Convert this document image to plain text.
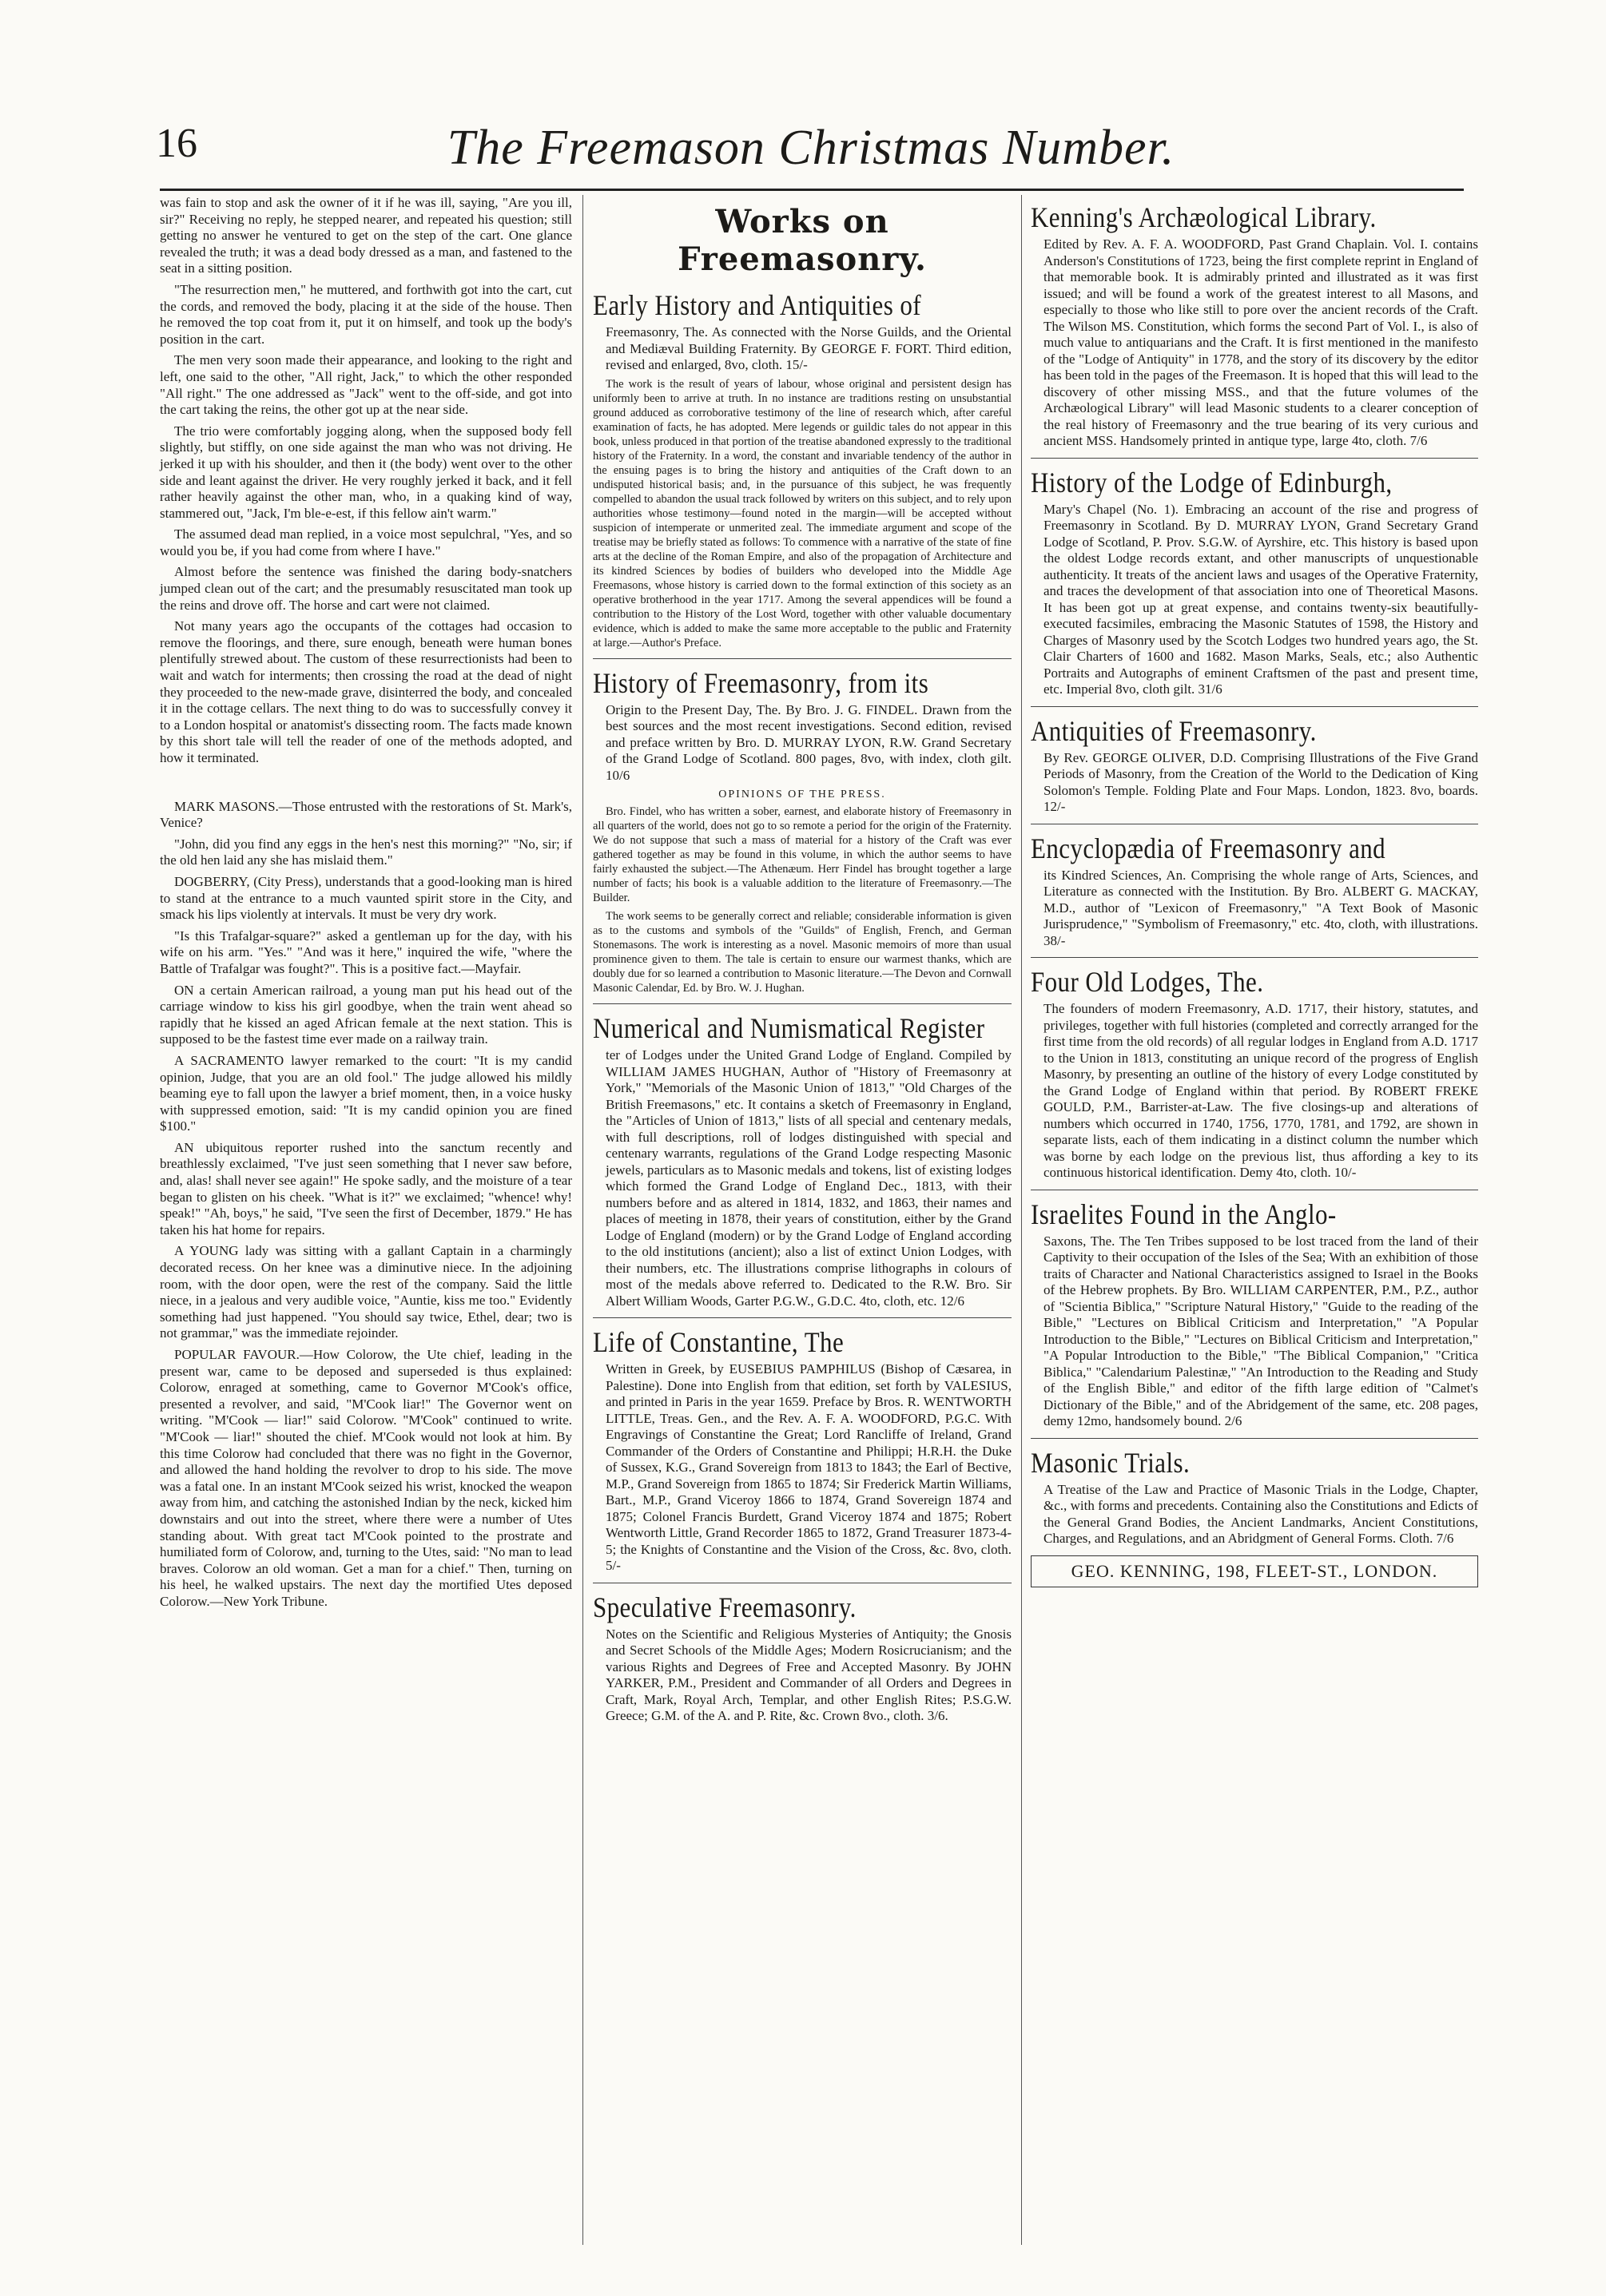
16	The Freemason Christmas Number.

was fain to stop and ask the owner of it if he was ill, saying, "Are you ill, sir?" Receiving no reply, he stepped nearer, and repeated his question; still getting no answer he ventured to get on the step of the cart. One glance revealed the truth; it was a dead body dressed as a man, and fastened to the seat in a sitting position.

"The resurrection men," he muttered, and forthwith got into the cart, cut the cords, and removed the body, placing it at the side of the house. Then he removed the top coat from it, put it on himself, and took up the body's position in the cart.

The men very soon made their appearance, and looking to the right and left, one said to the other, "All right, Jack," to which the other responded "All right." The one addressed as "Jack" went to the off-side, and got into the cart taking the reins, the other got up at the near side.

The trio were comfortably jogging along, when the supposed body fell slightly, but stiffly, on one side against the man who was not driving. He jerked it up with his shoulder, and then it (the body) went over to the other side and leant against the driver. He very roughly jerked it back, and it fell rather heavily against the other man, who, in a quaking kind of way, stammered out, "Jack, I'm ble-e-est, if this fellow ain't warm."

The assumed dead man replied, in a voice most sepulchral, "Yes, and so would you be, if you had come from where I have."

Almost before the sentence was finished the daring body-snatchers jumped clean out of the cart; and the presumably resuscitated man took up the reins and drove off. The horse and cart were not claimed.

Not many years ago the occupants of the cottages had occasion to remove the floorings, and there, sure enough, beneath were human bones plentifully strewed about. The custom of these resurrectionists had been to wait and watch for interments; then crossing the road at the dead of night they proceeded to the new-made grave, disinterred the body, and concealed it in the cottage cellars. The next thing to do was to successfully convey it to a London hospital or anatomist's dissecting room. The facts made known by this short tale will tell the reader of one of the methods adopted, and how it terminated.

MARK MASONS.—Those entrusted with the restorations of St. Mark's, Venice?

"John, did you find any eggs in the hen's nest this morning?" "No, sir; if the old hen laid any she has mislaid them."

DOGBERRY, (City Press), understands that a good-looking man is hired to stand at the entrance to a much vaunted spirit store in the City, and smack his lips violently at intervals. It must be very dry work.

"Is this Trafalgar-square?" asked a gentleman up for the day, with his wife on his arm. "Yes." "And was it here," inquired the wife, "where the Battle of Trafalgar was fought?". This is a positive fact.—Mayfair.

ON a certain American railroad, a young man put his head out of the carriage window to kiss his girl goodbye, when the train went ahead so rapidly that he kissed an aged African female at the next station. This is supposed to be the fastest time ever made on a railway train.

A SACRAMENTO lawyer remarked to the court: "It is my candid opinion, Judge, that you are an old fool." The judge allowed his mildly beaming eye to fall upon the lawyer a brief moment, then, in a voice husky with suppressed emotion, said: "It is my candid opinion you are fined $100."

AN ubiquitous reporter rushed into the sanctum recently and breathlessly exclaimed, "I've just seen something that I never saw before, and, alas! shall never see again!" He spoke sadly, and the moisture of a tear began to glisten on his cheek. "What is it?" we exclaimed; "whence! why! speak!" "Ah, boys," he said, "I've seen the first of December, 1879." He has taken his hat home for repairs.

A YOUNG lady was sitting with a gallant Captain in a charmingly decorated recess. On her knee was a diminutive niece. In the adjoining room, with the door open, were the rest of the company. Said the little niece, in a jealous and very audible voice, "Auntie, kiss me too." Evidently something had just happened. "You should say twice, Ethel, dear; two is not grammar," was the immediate rejoinder.

POPULAR FAVOUR.—How Colorow, the Ute chief, leading in the present war, came to be deposed and superseded is thus explained: Colorow, enraged at something, came to Governor M'Cook's office, presented a revolver, and said, "M'Cook liar!" The Governor went on writing. "M'Cook — liar!" said Colorow. "M'Cook" continued to write. "M'Cook — liar!" shouted the chief. M'Cook would not look at him. By this time Colorow had concluded that there was no fight in the Governor, and allowed the hand holding the revolver to drop to his side. The move was a fatal one. In an instant M'Cook seized his wrist, knocked the weapon away from him, and catching the astonished Indian by the neck, kicked him downstairs and out into the street, where there were a number of Utes standing about. With great tact M'Cook pointed to the prostrate and humiliated form of Colorow, and, turning to the Utes, said: "No man to lead braves. Colorow an old woman. Get a man for a chief." Then, turning on his heel, he walked upstairs. The next day the mortified Utes deposed Colorow.—New York Tribune.

Works on Freemasonry.
Early History and Antiquities of

Freemasonry, The. As connected with the Norse Guilds, and the Oriental and Mediæval Building Fraternity. By GEORGE F. FORT. Third edition, revised and enlarged, 8vo, cloth. 15/-

The work is the result of years of labour, whose original and persistent design has uniformly been to arrive at truth. In no instance are traditions resting on unsubstantial ground adduced as corroborative testimony of the line of research which, after careful examination of facts, he has adopted. Mere legends or guildic tales do not appear in this book, unless produced in that portion of the treatise abandoned expressly to the traditional history of the Fraternity. In a word, the constant and invariable tendency of the author in the ensuing pages is to bring the history and antiquities of the Craft down to an undisputed historical basis; and, in the pursuance of this subject, he was frequently compelled to abandon the usual track followed by writers on this subject, and to rely upon authorities whose testimony—found noted in the margin—will be accepted without suspicion of intemperate or unmerited zeal. The immediate argument and scope of the treatise may be briefly stated as follows: To commence with a narrative of the state of fine arts at the decline of the Roman Empire, and also of the propagation of Architecture and its kindred Sciences by bodies of builders who developed into the Middle Age Freemasons, whose history is carried down to the formal extinction of this society as an operative brotherhood in the year 1717. Among the several appendices will be found a contribution to the History of the Lost Word, together with other valuable documentary evidence, which is added to make the same more acceptable to the public and Fraternity at large.—Author's Preface.

History of Freemasonry, from its

Origin to the Present Day, The. By Bro. J. G. FINDEL. Drawn from the best sources and the most recent investigations. Second edition, revised and preface written by Bro. D. MURRAY LYON, R.W. Grand Secretary of the Grand Lodge of Scotland. 800 pages, 8vo, with index, cloth gilt. 10/6

OPINIONS OF THE PRESS.

Bro. Findel, who has written a sober, earnest, and elaborate history of Freemasonry in all quarters of the world, does not go to so remote a period for the origin of the Fraternity. We do not suppose that such a mass of material for a history of the Craft was ever gathered together as may be found in this volume, in which the author seems to have fairly exhausted the subject.—The Athenæum. Herr Findel has brought together a large number of facts; his book is a valuable addition to the literature of Freemasonry.—The Builder.

The work seems to be generally correct and reliable; considerable information is given as to the customs and symbols of the "Guilds" of English, French, and German Stonemasons. The work is interesting as a novel. Masonic memoirs of more than usual prominence given to them. The tale is certain to ensure our warmest thanks, which are doubly due for so learned a contribution to Masonic literature.—The Devon and Cornwall Masonic Calendar, Ed. by Bro. W. J. Hughan.

Numerical and Numismatical Register

ter of Lodges under the United Grand Lodge of England. Compiled by WILLIAM JAMES HUGHAN, Author of "History of Freemasonry at York," "Memorials of the Masonic Union of 1813," "Old Charges of the British Freemasons," etc. It contains a sketch of Freemasonry in England, the "Articles of Union of 1813," lists of all special and centenary medals, with full descriptions, roll of lodges distinguished with special and centenary warrants, regulations of the Grand Lodge respecting Masonic jewels, particulars as to Masonic medals and tokens, list of existing lodges which formed the Grand Lodge of England Dec., 1813, with their numbers before and as altered in 1814, 1832, and 1863, their names and places of meeting in 1878, their years of constitution, either by the Grand Lodge of England (modern) or by the Grand Lodge of England according to the old institutions (ancient); also a list of extinct Union Lodges, with their numbers, etc. The illustrations comprise lithographs in colours of most of the medals above referred to. Dedicated to the R.W. Bro. Sir Albert William Woods, Garter P.G.W., G.D.C. 4to, cloth, etc. 12/6

Life of Constantine, The

Written in Greek, by EUSEBIUS PAMPHILUS (Bishop of Cæsarea, in Palestine). Done into English from that edition, set forth by VALESIUS, and printed in Paris in the year 1659. Preface by Bros. R. WENTWORTH LITTLE, Treas. Gen., and the Rev. A. F. A. WOODFORD, P.G.C. With Engravings of Constantine the Great; Lord Rancliffe of Ireland, Grand Commander of the Orders of Constantine and Philippi; H.R.H. the Duke of Sussex, K.G., Grand Sovereign from 1813 to 1843; the Earl of Bective, M.P., Grand Sovereign from 1865 to 1874; Sir Frederick Martin Williams, Bart., M.P., Grand Viceroy 1866 to 1874, Grand Sovereign 1874 and 1875; Colonel Francis Burdett, Grand Viceroy 1874 and 1875; Robert Wentworth Little, Grand Recorder 1865 to 1872, Grand Treasurer 1873-4-5; the Knights of Constantine and the Vision of the Cross, &c. 8vo, cloth. 5/-

Speculative Freemasonry.

Notes on the Scientific and Religious Mysteries of Antiquity; the Gnosis and Secret Schools of the Middle Ages; Modern Rosicrucianism; and the various Rights and Degrees of Free and Accepted Masonry. By JOHN YARKER, P.M., President and Commander of all Orders and Degrees in Craft, Mark, Royal Arch, Templar, and other English Rites; P.S.G.W. Greece; G.M. of the A. and P. Rite, &c. Crown 8vo., cloth. 3/6.

Kenning's Archæological Library.

Edited by Rev. A. F. A. WOODFORD, Past Grand Chaplain. Vol. I. contains Anderson's Constitutions of 1723, being the first complete reprint in England of that memorable book. It is admirably printed and illustrated as it was first issued; and will be found a work of the greatest interest to all Masons, and especially to those who like still to pore over the ancient records of the Craft. The Wilson MS. Constitution, which forms the second Part of Vol. I., is also of much value to antiquarians and the Craft. It is first mentioned in the manifesto of the "Lodge of Antiquity" in 1778, and the story of its discovery by the editor has been told in the pages of the Freemason. It is hoped that this will lead to the discovery of other missing MSS., and that the future volumes of the Archæological Library" will lead Masonic students to a clearer conception of the real history of Freemasonry and the true bearing of its very curious and ancient MSS. Handsomely printed in antique type, large 4to, cloth. 7/6

History of the Lodge of Edinburgh,

Mary's Chapel (No. 1). Embracing an account of the rise and progress of Freemasonry in Scotland. By D. MURRAY LYON, Grand Secretary Grand Lodge of Scotland, P. Prov. S.G.W. of Ayrshire, etc. This history is based upon the oldest Lodge records extant, and other manuscripts of unquestionable authenticity. It treats of the ancient laws and usages of the Operative Fraternity, and traces the development of that association into one of Theoretical Masons. It has been got up at great expense, and contains twenty-six beautifully-executed facsimiles, embracing the Masonic Statutes of 1598, the History and Charges of Masonry used by the Scotch Lodges two hundred years ago, the St. Clair Charters of 1600 and 1682. Mason Marks, Seals, etc.; also Authentic Portraits and Autographs of eminent Craftsmen of the past and present time, etc. Imperial 8vo, cloth gilt. 31/6

Antiquities of Freemasonry.

By Rev. GEORGE OLIVER, D.D. Comprising Illustrations of the Five Grand Periods of Masonry, from the Creation of the World to the Dedication of King Solomon's Temple. Folding Plate and Four Maps. London, 1823. 8vo, boards. 12/-

Encyclopædia of Freemasonry and

its Kindred Sciences, An. Comprising the whole range of Arts, Sciences, and Literature as connected with the Institution. By Bro. ALBERT G. MACKAY, M.D., author of "Lexicon of Freemasonry," "A Text Book of Masonic Jurisprudence," "Symbolism of Freemasonry," etc. 4to, cloth, with illustrations. 38/-

Four Old Lodges, The.

The founders of modern Freemasonry, A.D. 1717, their history, statutes, and privileges, together with full histories (completed and correctly arranged for the first time from the old records) of all regular lodges in England from A.D. 1717 to the Union in 1813, constituting an unique record of the progress of English Masonry, by presenting an outline of the history of every Lodge constituted by the Grand Lodge of England within that period. By ROBERT FREKE GOULD, P.M., Barrister-at-Law. The five closings-up and alterations of numbers which occurred in 1740, 1756, 1770, 1781, and 1792, are shown in separate lists, each of them indicating in a distinct column the number which was borne by each lodge on the previous list, thus affording a key to its continuous historical identification. Demy 4to, cloth. 10/-

Israelites Found in the Anglo-

Saxons, The. The Ten Tribes supposed to be lost traced from the land of their Captivity to their occupation of the Isles of the Sea; With an exhibition of those traits of Character and National Characteristics assigned to Israel in the Books of the Hebrew prophets. By Bro. WILLIAM CARPENTER, P.M., P.Z., author of "Scientia Biblica," "Scripture Natural History," "Guide to the reading of the Bible," "Lectures on Biblical Criticism and Interpretation," "A Popular Introduction to the Bible," "Lectures on Biblical Criticism and Interpretation," "A Popular Introduction to the Bible," "The Biblical Companion," "Critica Biblica," "Calendarium Palestinæ," "An Introduction to the Reading and Study of the English Bible," and editor of the fifth large edition of "Calmet's Dictionary of the Bible," and of the Abridgement of the same, etc. 208 pages, demy 12mo, handsomely bound. 2/6

Masonic Trials.

A Treatise of the Law and Practice of Masonic Trials in the Lodge, Chapter, &c., with forms and precedents. Containing also the Constitutions and Edicts of the General Grand Bodies, the Ancient Landmarks, Ancient Constitutions, Charges, and Regulations, and an Abridgment of General Forms. Cloth. 7/6

GEO. KENNING, 198, FLEET-ST., LONDON.
